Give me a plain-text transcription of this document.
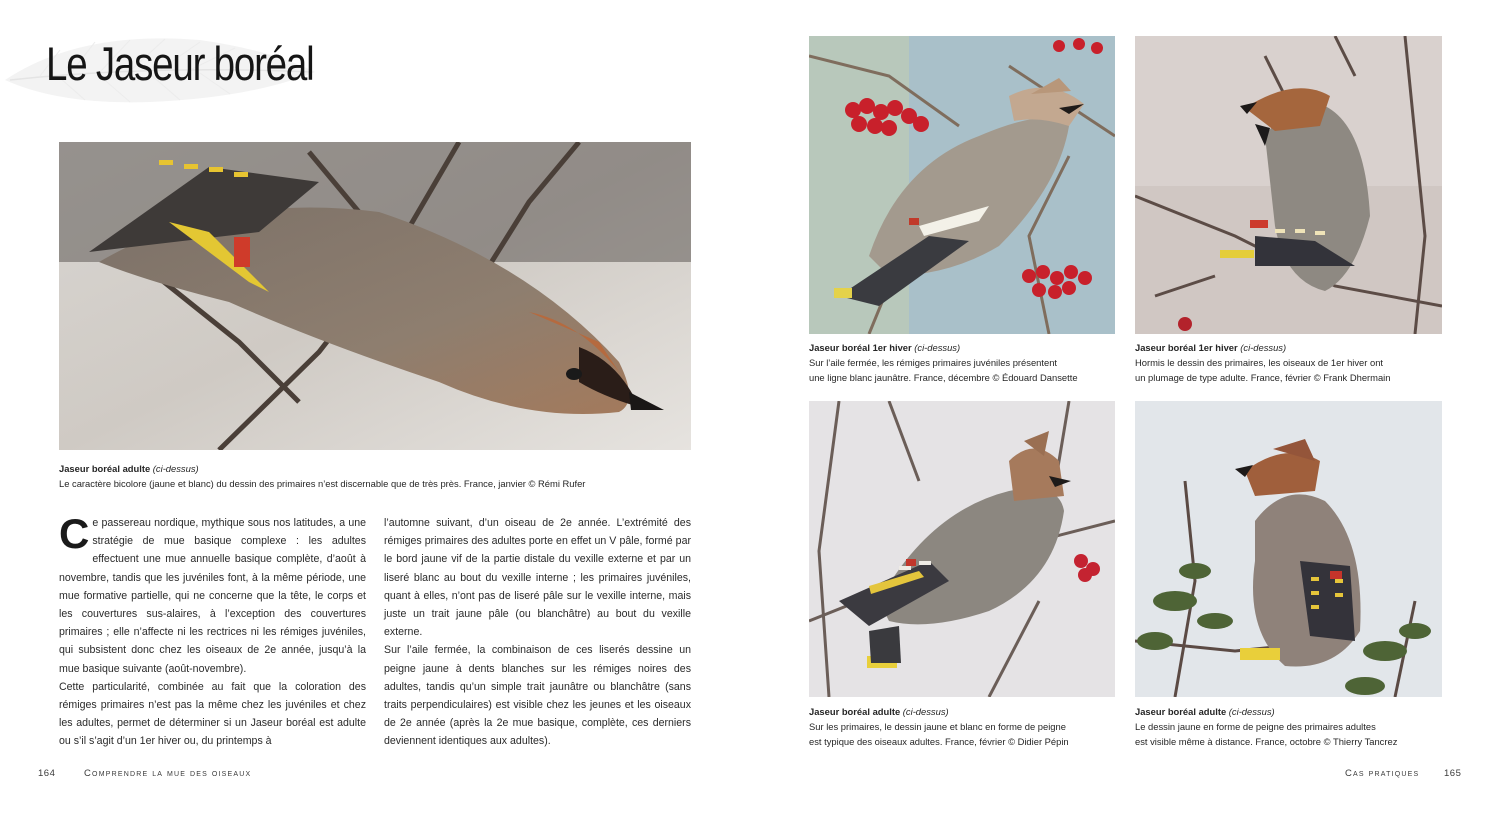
Le Jaseur boréal
Jaseur boréal adulte (ci-dessus)
Le caractère bicolore (jaune et blanc) du dessin des primaires n’est discernable que de très près. France, janvier © Rémi Rufer
Jaseur boréal 1er hiver (ci-dessus)
Sur l’aile fermée, les rémiges primaires juvéniles présentent
une ligne blanc jaunâtre. France, décembre © Édouard Dansette
Jaseur boréal 1er hiver (ci-dessus)
Hormis le dessin des primaires, les oiseaux de 1er hiver ont
un plumage de type adulte. France, février © Frank Dhermain
Jaseur boréal adulte (ci-dessus)
Sur les primaires, le dessin jaune et blanc en forme de peigne
est typique des oiseaux adultes. France, février © Didier Pépin
Jaseur boréal adulte (ci-dessus)
Le dessin jaune en forme de peigne des primaires adultes
est visible même à distance. France, octobre © Thierry Tancrez

Ce passereau nordique, mythique sous nos latitudes, a une stratégie de mue basique complexe : les adultes effectuent une mue annuelle basique complète, d’août à novembre, tandis que les juvéniles font, à la même période, une mue formative partielle, qui ne concerne que la tête, le corps et les couvertures sus-alaires, à l’exception des couvertures primaires ; elle n’affecte ni les rectrices ni les rémiges juvéniles, qui subsistent donc chez les oiseaux de 2e année, jusqu’à la mue basique suivante (août-novembre).

Cette particularité, combinée au fait que la coloration des rémiges primaires n’est pas la même chez les juvéniles et chez les adultes, permet de déterminer si un Jaseur boréal est adulte ou s’il s’agit d’un 1er hiver ou, du printemps à

l’automne suivant, d’un oiseau de 2e année. L’extrémité des rémiges primaires des adultes porte en effet un V pâle, formé par le bord jaune vif de la partie distale du vexille externe et par un liseré blanc au bout du vexille interne ; les primaires juvéniles, quant à elles, n’ont pas de liseré pâle sur le vexille interne, mais juste un trait jaune pâle (ou blanchâtre) au bout du vexille externe.

Sur l’aile fermée, la combinaison de ces liserés dessine un peigne jaune à dents blanches sur les rémiges noires des adultes, tandis qu’un simple trait jaunâtre ou blanchâtre (sans traits perpendiculaires) est visible chez les jeunes et les oiseaux de 2e année (après la 2e mue basique, complète, ces derniers deviennent identiques aux adultes).

164	Comprendre la mue des oiseaux	Cas pratiques	165
